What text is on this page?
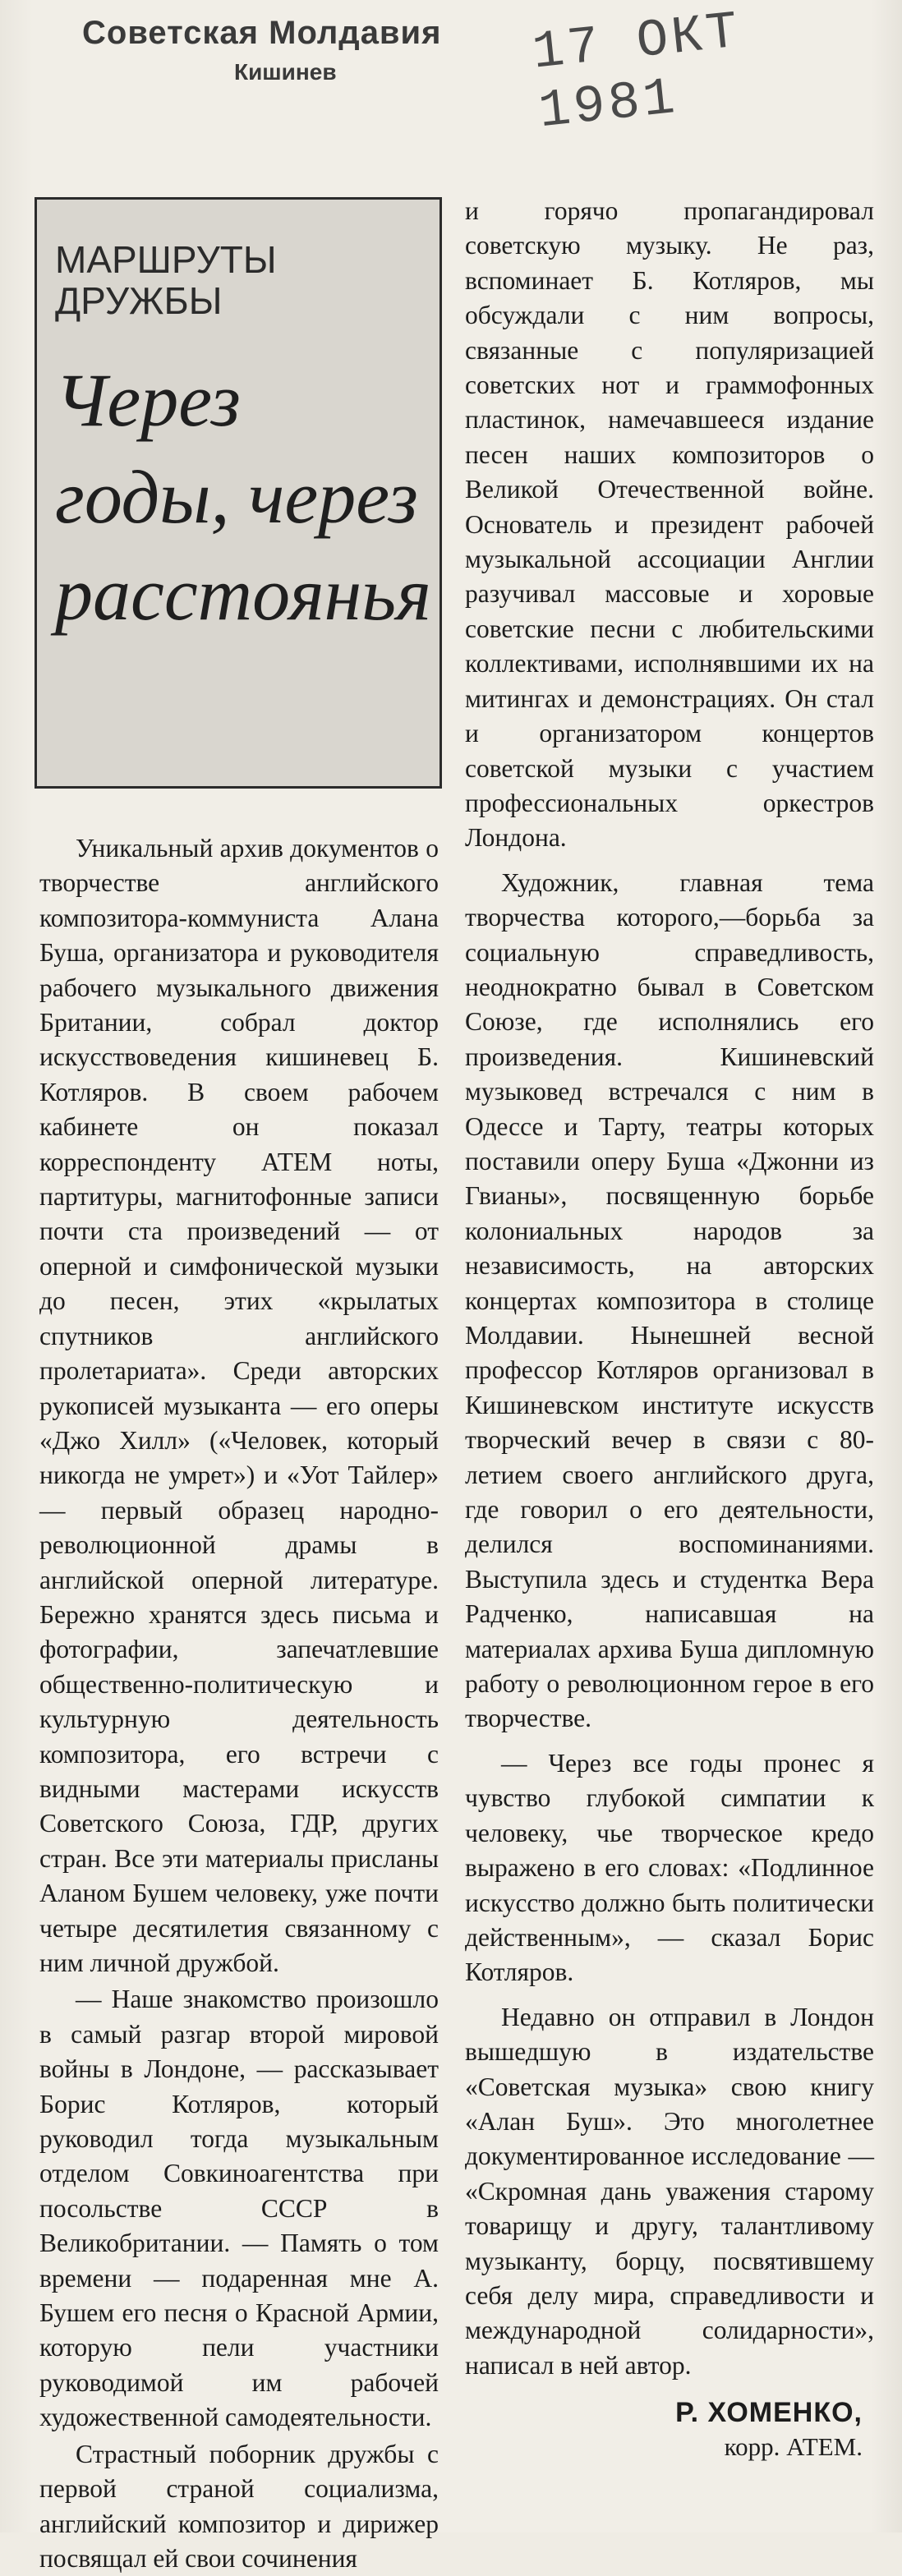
Советская Молдавия
Кишинев	17 ОКТ 1981
МАРШРУТЫ ДРУЖБЫ
Через годы, через расстоянья

Уникальный архив документов о творчестве английского композитора-коммуниста Алана Буша, организатора и руководителя рабочего музыкального движения Британии, собрал доктор искусствоведения кишиневец Б. Котляров. В своем рабочем кабинете он показал корреспонденту АТЕМ ноты, партитуры, магнитофонные записи почти ста произведений — от оперной и симфонической музыки до песен, этих «крылатых спутников английского пролетариата». Среди авторских рукописей музыканта — его оперы «Джо Хилл» («Человек, который никогда не умрет») и «Уот Тайлер» — первый образец народно-революционной драмы в английской оперной литературе. Бережно хранятся здесь письма и фотографии, запечатлевшие общественно-политическую и культурную деятельность композитора, его встречи с видными мастерами искусств Советского Союза, ГДР, других стран. Все эти материалы присланы Аланом Бушем человеку, уже почти четыре десятилетия связанному с ним личной дружбой.

— Наше знакомство произошло в самый разгар второй мировой войны в Лондоне, — рассказывает Борис Котляров, который руководил тогда музыкальным отделом Совкиноагентства при посольстве СССР в Великобритании. — Память о том времени — подаренная мне А. Бушем его песня о Красной Армии, которую пели участники руководимой им рабочей художественной самодеятельности.

Страстный поборник дружбы с первой страной социализма, английский композитор и дирижер посвящал ей свои сочинения

и горячо пропагандировал советскую музыку. Не раз, вспоминает Б. Котляров, мы обсуждали с ним вопросы, связанные с популяризацией советских нот и граммофонных пластинок, намечавшееся издание песен наших композиторов о Великой Отечественной войне. Основатель и президент рабочей музыкальной ассоциации Англии разучивал массовые и хоровые советские песни с любительскими коллективами, исполнявшими их на митингах и демонстрациях. Он стал и организатором концертов советской музыки с участием профессиональных оркестров Лондона.

Художник, главная тема творчества которого,—борьба за социальную справедливость, неоднократно бывал в Советском Союзе, где исполнялись его произведения. Кишиневский музыковед встречался с ним в Одессе и Тарту, театры которых поставили оперу Буша «Джонни из Гвианы», посвященную борьбе колониальных народов за независимость, на авторских концертах композитора в столице Молдавии. Нынешней весной профессор Котляров организовал в Кишиневском институте искусств творческий вечер в связи с 80-летием своего английского друга, где говорил о его деятельности, делился воспоминаниями. Выступила здесь и студентка Вера Радченко, написавшая на материалах архива Буша дипломную работу о революционном герое в его творчестве.

— Через все годы пронес я чувство глубокой симпатии к человеку, чье творческое кредо выражено в его словах: «Подлинное искусство должно быть политически действенным», — сказал Борис Котляров.

Недавно он отправил в Лондон вышедшую в издательстве «Советская музыка» свою книгу «Алан Буш». Это многолетнее документированное исследование — «Скромная дань уважения старому товарищу и другу, талантливому музыканту, борцу, посвятившему себя делу мира, справедливости и международной солидарности», написал в ней автор.

Р. ХОМЕНКО,
корр. АТЕМ.
